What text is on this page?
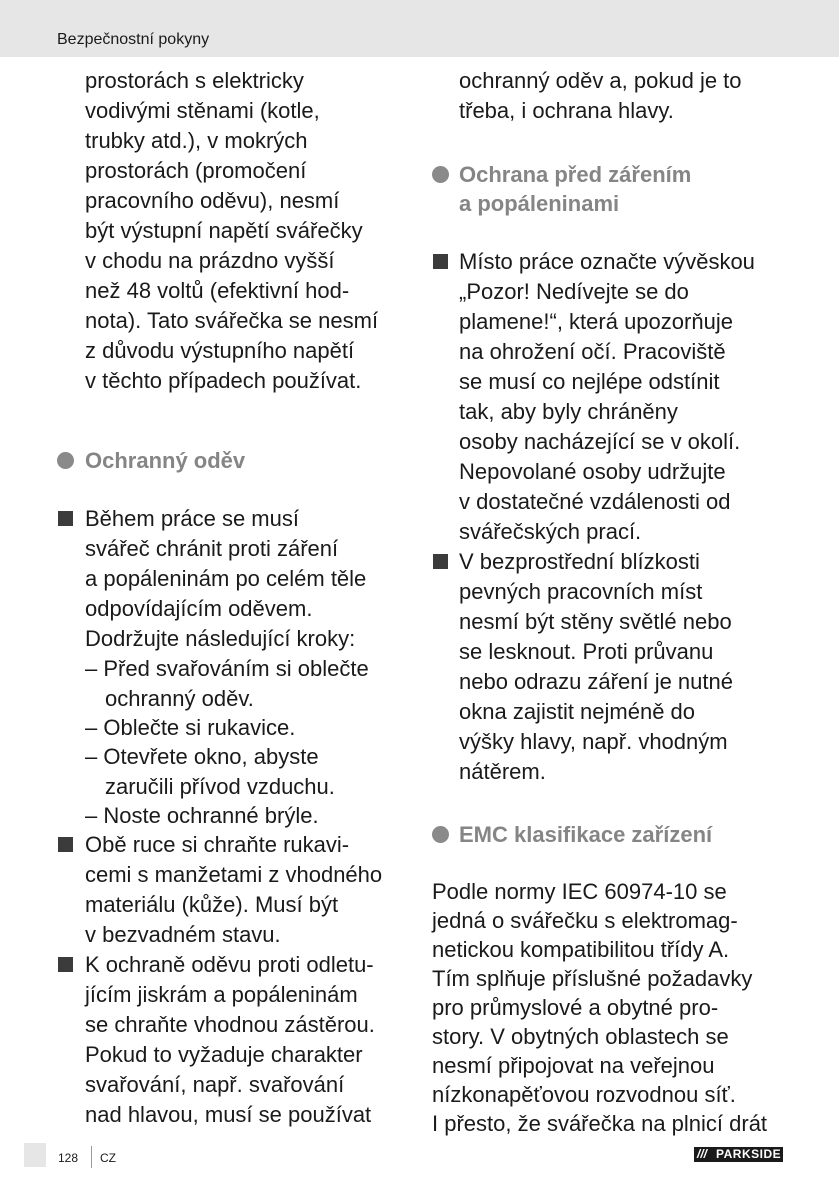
Bezpečnostní pokyny
prostorách s elektricky
vodivými stěnami (kotle,
trubky atd.), v mokrých
prostorách (promočení
pracovního oděvu), nesmí
být výstupní napětí svářečky
v chodu na prázdno vyšší
než 48 voltů (efektivní hod-
nota). Tato svářečka se nesmí
z důvodu výstupního napětí
v těchto případech používat.
Ochranný oděv
Během práce se musí
svářeč chránit proti záření
a popáleninám po celém těle
odpovídajícím oděvem.
Dodržujte následující kroky:
– Před svařováním si oblečte
ochranný oděv.
– Oblečte si rukavice.
– Otevřete okno, abyste
zaručili přívod vzduchu.
– Noste ochranné brýle.
Obě ruce si chraňte rukavi-
cemi s manžetami z vhodného
materiálu (kůže). Musí být
v bezvadném stavu.
K ochraně oděvu proti odletu-
jícím jiskrám a popáleninám
se chraňte vhodnou zástěrou.
Pokud to vyžaduje charakter
svařování, např. svařování
nad hlavou, musí se používat
ochranný oděv a, pokud je to
třeba, i ochrana hlavy.
Ochrana před zářením
a popáleninami
Místo práce označte vývěskou
„Pozor! Nedívejte se do
plamene!“, která upozorňuje
na ohrožení očí. Pracoviště
se musí co nejlépe odstínit
tak, aby byly chráněny
osoby nacházející se v okolí.
Nepovolané osoby udržujte
v dostatečné vzdálenosti od
svářečských prací.
V bezprostřední blízkosti
pevných pracovních míst
nesmí být stěny světlé nebo
se lesknout. Proti průvanu
nebo odrazu záření je nutné
okna zajistit nejméně do
výšky hlavy, např. vhodným
nátěrem.
EMC klasifikace zařízení
Podle normy IEC 60974-10 se
jedná o svářečku s elektromag-
netickou kompatibilitou třídy A.
Tím splňuje příslušné požadavky
pro průmyslové a obytné pro-
story. V obytných oblastech se
nesmí připojovat na veřejnou
nízkonapěťovou rozvodnou síť.
I přesto, že svářečka na plnicí drát
128 CZ	/// PARKSIDE
